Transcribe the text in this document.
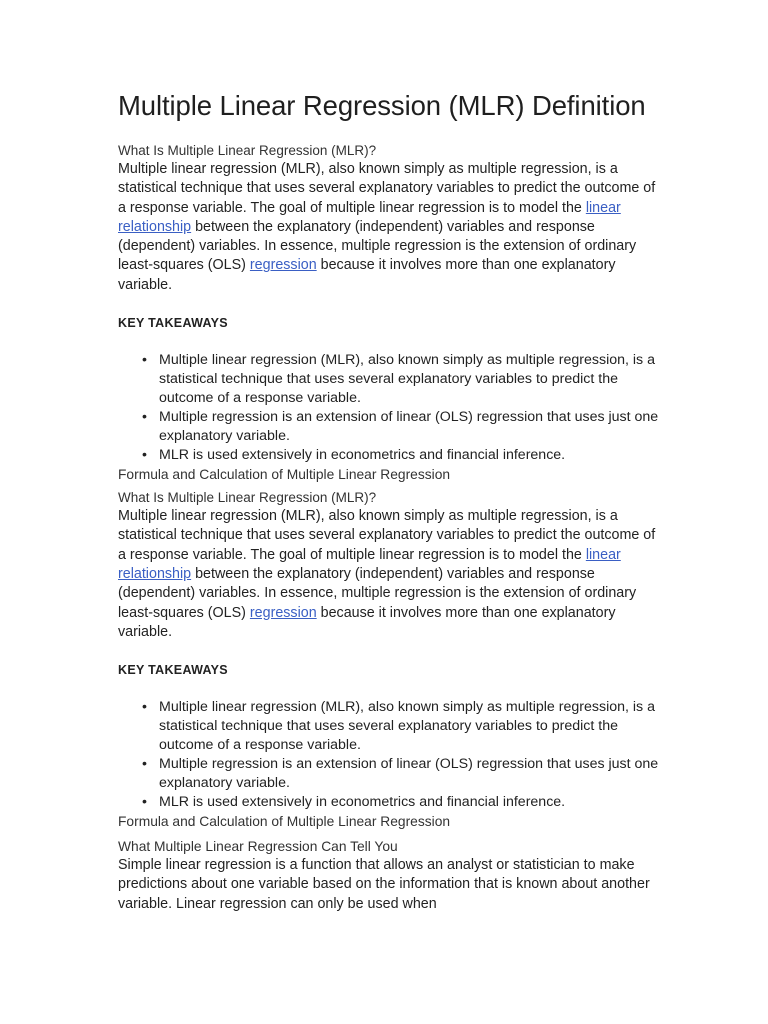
Multiple Linear Regression (MLR) Definition

What Is Multiple Linear Regression (MLR)?

Multiple linear regression (MLR), also known simply as multiple regression, is a statistical technique that uses several explanatory variables to predict the outcome of a response variable. The goal of multiple linear regression is to model the linear relationship between the explanatory (independent) variables and response (dependent) variables. In essence, multiple regression is the extension of ordinary least-squares (OLS) regression because it involves more than one explanatory variable.

KEY TAKEAWAYS
• Multiple linear regression (MLR), also known simply as multiple regression, is a statistical technique that uses several explanatory variables to predict the outcome of a response variable.
• Multiple regression is an extension of linear (OLS) regression that uses just one explanatory variable.
• MLR is used extensively in econometrics and financial inference.

Formula and Calculation of Multiple Linear Regression

What Is Multiple Linear Regression (MLR)?

Multiple linear regression (MLR), also known simply as multiple regression, is a statistical technique that uses several explanatory variables to predict the outcome of a response variable. The goal of multiple linear regression is to model the linear relationship between the explanatory (independent) variables and response (dependent) variables. In essence, multiple regression is the extension of ordinary least-squares (OLS) regression because it involves more than one explanatory variable.

KEY TAKEAWAYS
• Multiple linear regression (MLR), also known simply as multiple regression, is a statistical technique that uses several explanatory variables to predict the outcome of a response variable.
• Multiple regression is an extension of linear (OLS) regression that uses just one explanatory variable.
• MLR is used extensively in econometrics and financial inference.

Formula and Calculation of Multiple Linear Regression

What Multiple Linear Regression Can Tell You

Simple linear regression is a function that allows an analyst or statistician to make predictions about one variable based on the information that is known about another variable. Linear regression can only be used when
